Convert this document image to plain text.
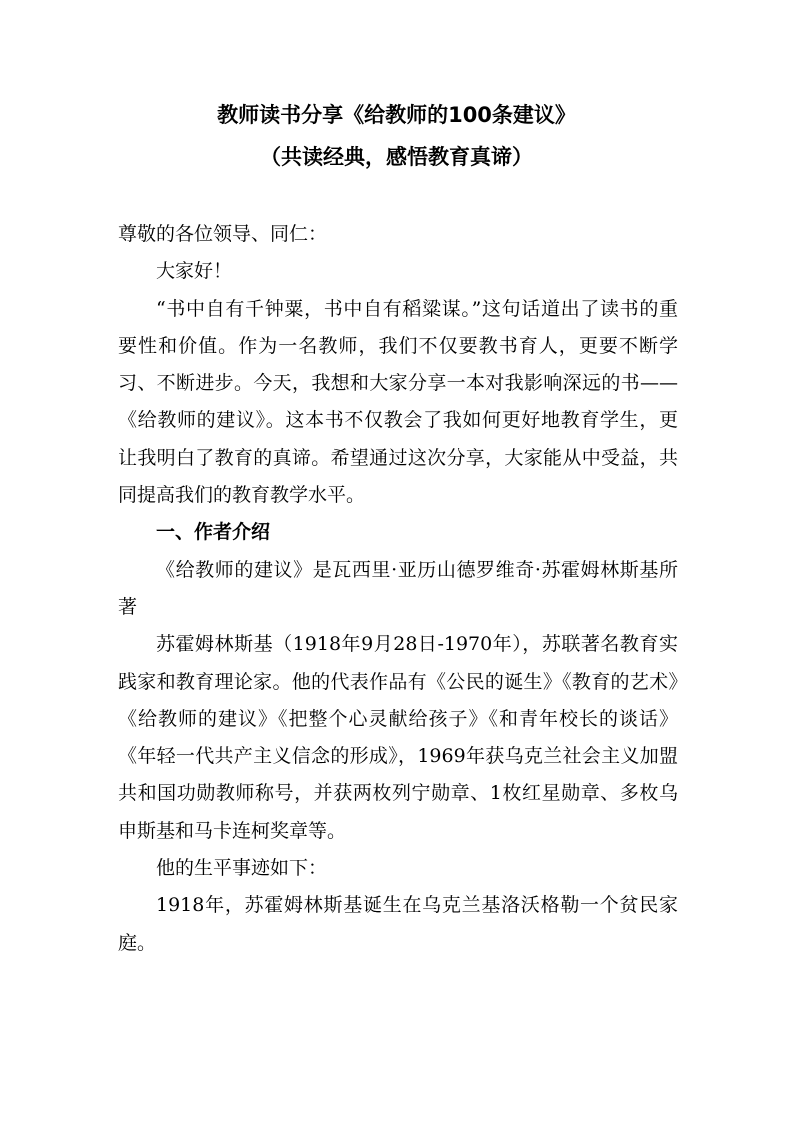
教师读书分享《给教师的100条建议》
（共读经典，感悟教育真谛）

尊敬的各位领导、同仁：

大家好！

“书中自有千钟粟，书中自有稻粱谋。”这句话道出了读书的重要性和价值。作为一名教师，我们不仅要教书育人，更要不断学习、不断进步。今天，我想和大家分享一本对我影响深远的书——《给教师的建议》。这本书不仅教会了我如何更好地教育学生，更让我明白了教育的真谛。希望通过这次分享，大家能从中受益，共同提高我们的教育教学水平。

一、作者介绍

《给教师的建议》是瓦西里·亚历山德罗维奇·苏霍姆林斯基所著

苏霍姆林斯基（1918年9月28日-1970年），苏联著名教育实践家和教育理论家。他的代表作品有《公民的诞生》《教育的艺术》《给教师的建议》《把整个心灵献给孩子》《和青年校长的谈话》《年轻一代共产主义信念的形成》，1969年获乌克兰社会主义加盟共和国功勋教师称号，并获两枚列宁勋章、1枚红星勋章、多枚乌申斯基和马卡连柯奖章等。

他的生平事迹如下：

1918年，苏霍姆林斯基诞生在乌克兰基洛沃格勒一个贫民家庭。
